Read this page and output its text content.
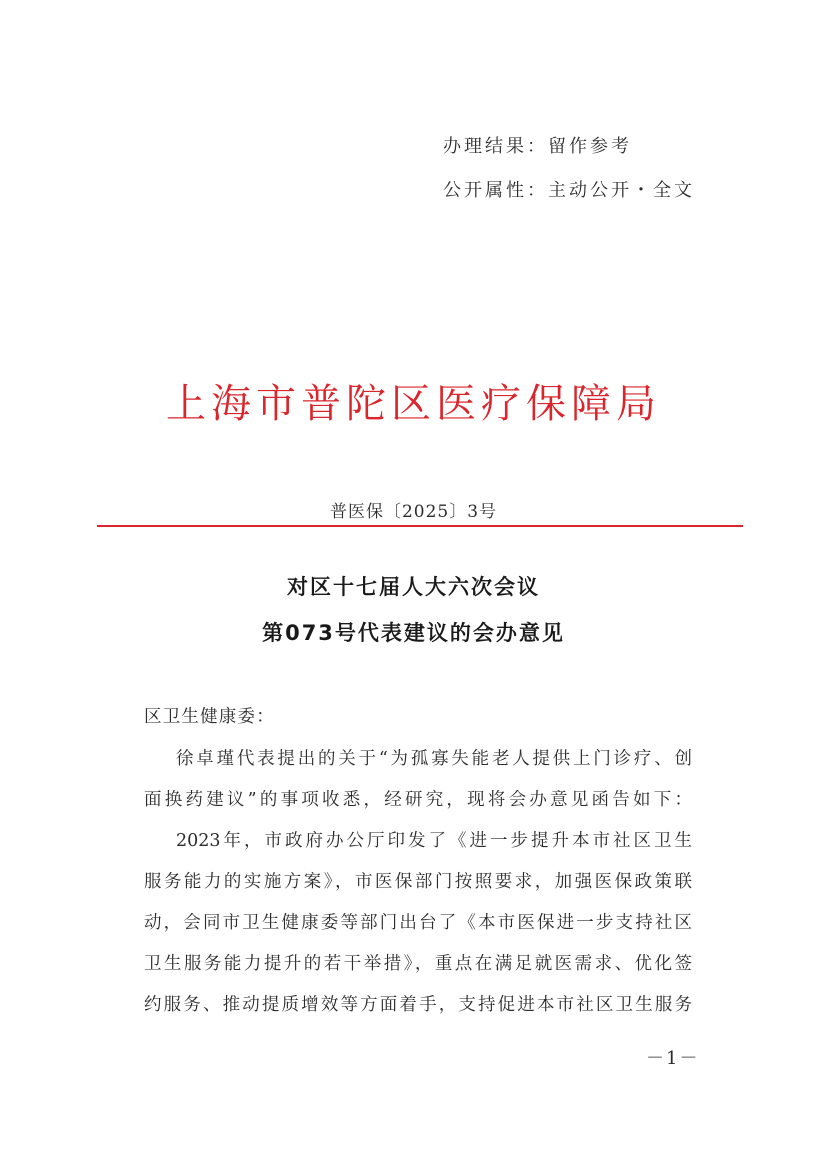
办理结果：留作参考
公开属性：主动公开・全文
上海市普陀区医疗保障局
普医保〔2025〕3号
对区十七届人大六次会议
第073号代表建议的会办意见
区卫生健康委：
徐卓瑾代表提出的关于“为孤寡失能老人提供上门诊疗、创
面换药建议”的事项收悉，经研究，现将会办意见函告如下：
2023年，市政府办公厅印发了《进一步提升本市社区卫生
服务能力的实施方案》，市医保部门按照要求，加强医保政策联
动，会同市卫生健康委等部门出台了《本市医保进一步支持社区
卫生服务能力提升的若干举措》，重点在满足就医需求、优化签
约服务、推动提质增效等方面着手，支持促进本市社区卫生服务
－1－
